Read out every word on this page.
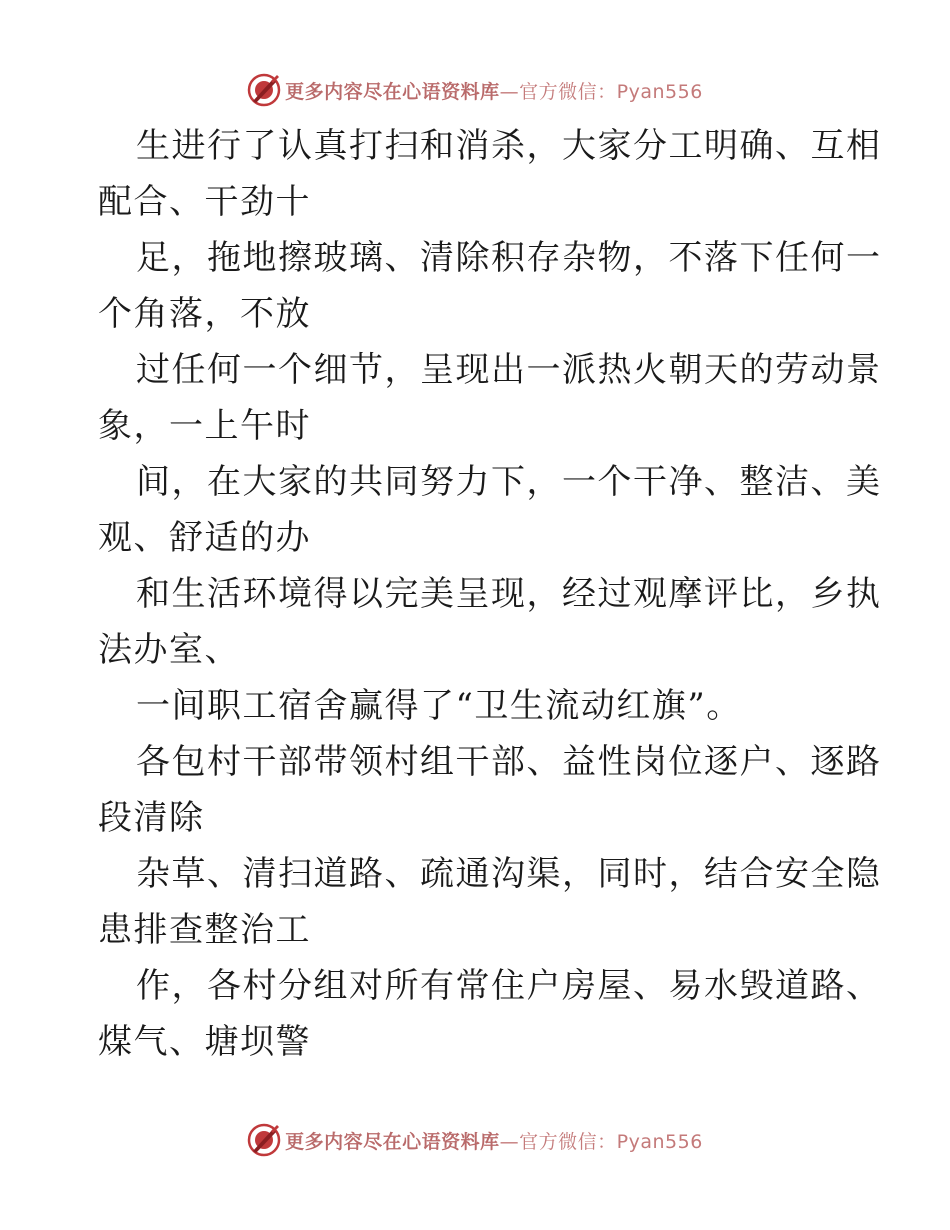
更多内容尽在心语资料库—官方微信：Pyan556
生进行了认真打扫和消杀，大家分工明确、互相
配合、干劲十
足，拖地擦玻璃、清除积存杂物，不落下任何一
个角落，不放
过任何一个细节，呈现出一派热火朝天的劳动景
象，一上午时
间，在大家的共同努力下，一个干净、整洁、美
观、舒适的办
和生活环境得以完美呈现，经过观摩评比，乡执
法办室、
一间职工宿舍赢得了“卫生流动红旗”。
各包村干部带领村组干部、益性岗位逐户、逐路
段清除
杂草、清扫道路、疏通沟渠，同时，结合安全隐
患排查整治工
作，各村分组对所有常住户房屋、易水毁道路、
煤气、塘坝警
更多内容尽在心语资料库—官方微信：Pyan556
